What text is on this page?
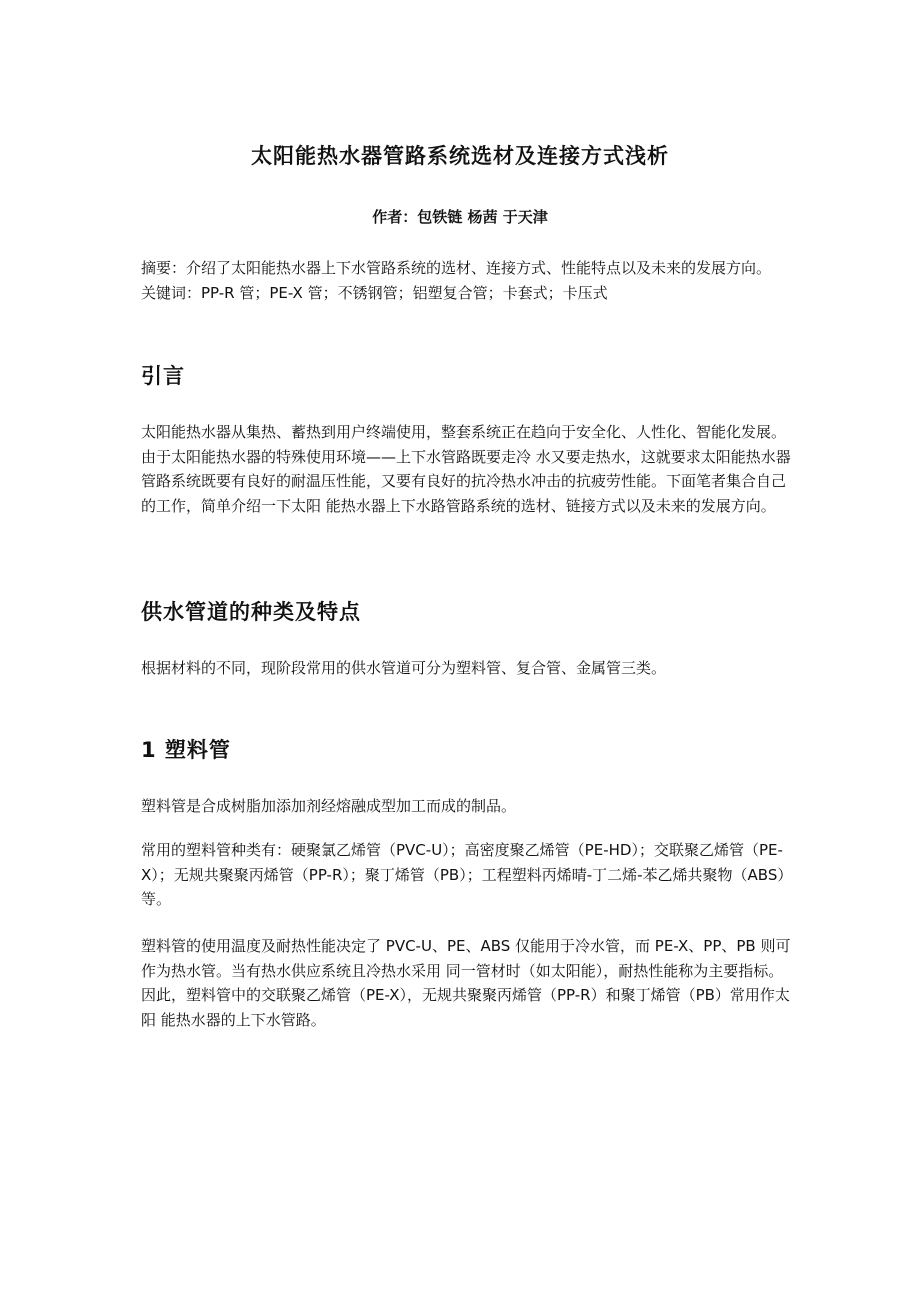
太阳能热水器管路系统选材及连接方式浅析
作者：包铁链 杨茜 于天津

摘要：介绍了太阳能热水器上下水管路系统的选材、连接方式、性能特点以及未来的发展方向。

关键词：PP-R 管；PE-X 管；不锈钢管；铝塑复合管；卡套式；卡压式

引言

太阳能热水器从集热、蓄热到用户终端使用，整套系统正在趋向于安全化、人性化、智能化发展。由于太阳能热水器的特殊使用环境——上下水管路既要走冷 水又要走热水，这就要求太阳能热水器管路系统既要有良好的耐温压性能，又要有良好的抗冷热水冲击的抗疲劳性能。下面笔者集合自己的工作，简单介绍一下太阳 能热水器上下水路管路系统的选材、链接方式以及未来的发展方向。

供水管道的种类及特点

根据材料的不同，现阶段常用的供水管道可分为塑料管、复合管、金属管三类。

1 塑料管

塑料管是合成树脂加添加剂经熔融成型加工而成的制品。

常用的塑料管种类有：硬聚氯乙烯管（PVC-U）；高密度聚乙烯管（PE-HD）；交联聚乙烯管（PE-X）；无规共聚聚丙烯管（PP-R）；聚丁烯管（PB）；工程塑料丙烯晴-丁二烯-苯乙烯共聚物（ABS）等。

塑料管的使用温度及耐热性能决定了 PVC-U、PE、ABS 仅能用于冷水管，而 PE-X、PP、PB 则可作为热水管。当有热水供应系统且冷热水采用 同一管材时（如太阳能），耐热性能称为主要指标。因此，塑料管中的交联聚乙烯管（PE-X），无规共聚聚丙烯管（PP-R）和聚丁烯管（PB）常用作太阳 能热水器的上下水管路。
